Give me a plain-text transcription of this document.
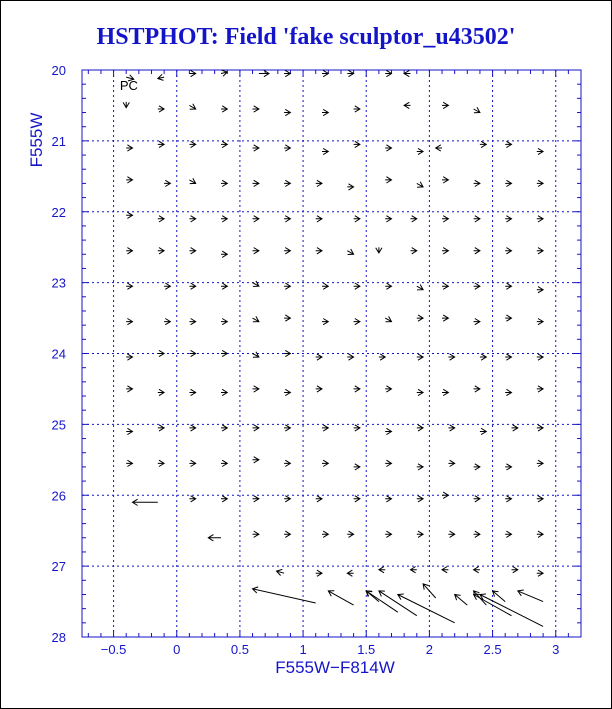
HSTPHOT: Field 'fake sculptor_u43502'
−0.5	0	0.5	1	1.5	2	2.5	3
20
21
22
23
24
25
26
27
28
PC
F555W−F814W
F555W
